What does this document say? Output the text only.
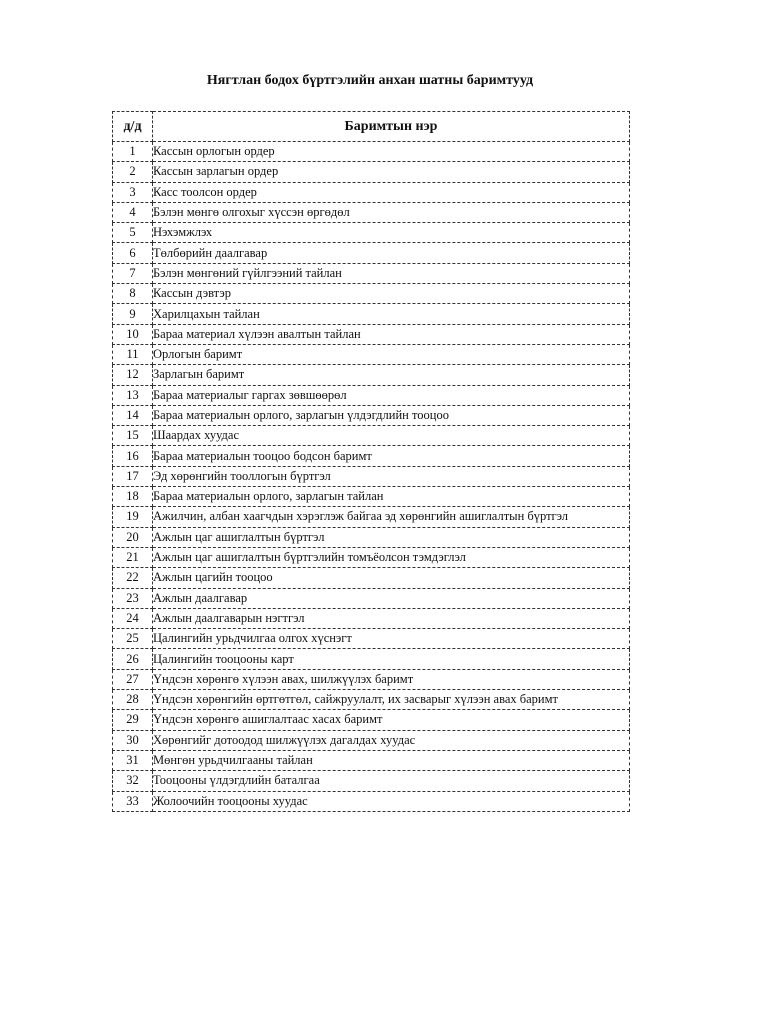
Нягтлан бодох бүртгэлийн анхан шатны баримтууд
д/д	Баримтын нэр
1	Кассын орлогын ордер
2	Кассын зарлагын ордер
3	Касс тоолсон ордер
4	Бэлэн мөнгө олгохыг хүссэн өргөдөл
5	Нэхэмжлэх
6	Төлбөрийн даалгавар
7	Бэлэн мөнгөний гүйлгээний тайлан
8	Кассын дэвтэр
9	Харилцахын тайлан
10	Бараа материал хүлээн авалтын тайлан
11	Орлогын баримт
12	Зарлагын баримт
13	Бараа материалыг гаргах зөвшөөрөл
14	Бараа материалын орлого, зарлагын үлдэгдлийн тооцоо
15	Шаардах хуудас
16	Бараа материалын тооцоо бодсон баримт
17	Эд хөрөнгийн тооллогын бүртгэл
18	Бараа материалын орлого, зарлагын тайлан
19	Ажилчин, албан хаагчдын хэрэглэж байгаа эд хөрөнгийн ашиглалтын бүртгэл
20	Ажлын цаг ашиглалтын бүртгэл
21	Ажлын цаг ашиглалтын бүртгэлийн томъёолсон тэмдэглэл
22	Ажлын цагийн тооцоо
23	Ажлын даалгавар
24	Ажлын даалгаварын нэгтгэл
25	Цалингийн урьдчилгаа олгох хүснэгт
26	Цалингийн тооцооны карт
27	Үндсэн хөрөнгө хүлээн авах, шилжүүлэх баримт
28	Үндсэн хөрөнгийн өртгөтгөл, сайжруулалт, их засварыг хүлээн авах баримт
29	Үндсэн хөрөнгө ашиглалтаас хасах баримт
30	Хөрөнгийг дотоодод шилжүүлэх дагалдах хуудас
31	Мөнгөн урьдчилгааны тайлан
32	Тооцооны үлдэгдлийн баталгаа
33	Жолоочийн тооцооны хуудас
